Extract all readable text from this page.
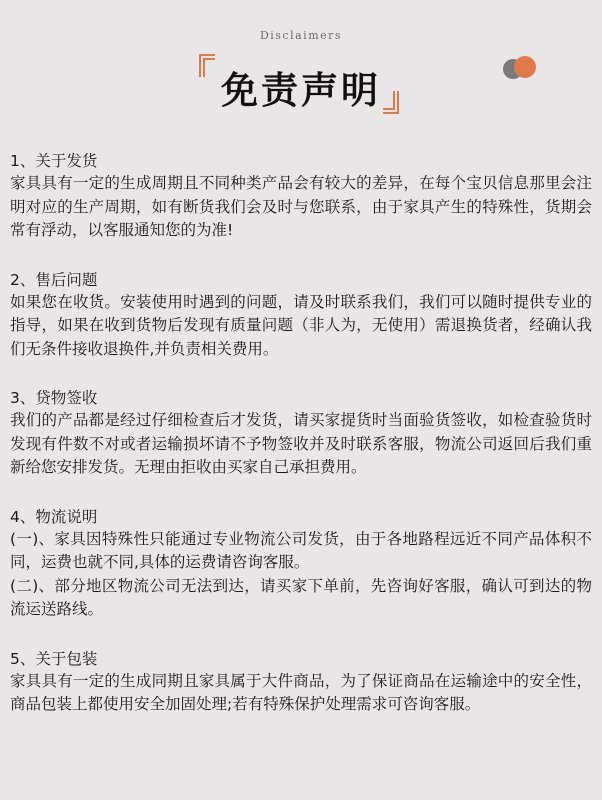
Disclaimers
免责声明
1、关于发货

家具具有一定的生成周期且不同种类产品会有较大的差异，在每个宝贝信息那里会注明对应的生产周期，如有断货我们会及时与您联系，由于家具产生的特殊性，货期会常有浮动，以客服通知您的为准!

2、售后问题

如果您在收货。安装使用时遇到的问题，请及时联系我们，我们可以随时提供专业的指导，如果在收到货物后发现有质量问题（非人为，无使用）需退换货者，经确认我们无条件接收退换件,并负责相关费用。

3、贷物签收

我们的产品都是经过仔细检查后才发货，请买家提货时当面验货签收，如检查验货时发现有件数不对或者运输损坏请不予物签收并及时联系客服，物流公司返回后我们重新给您安排发货。无理由拒收由买家自己承担费用。

4、物流说明

(一)、家具因特殊性只能通过专业物流公司发货，由于各地路程远近不同产品体积不同，运费也就不同,具体的运费请咨询客服。

(二)、部分地区物流公司无法到达，请买家下单前，先咨询好客服，确认可到达的物流运送路线。

5、关于包装

家具具有一定的生成同期且家具属于大件商品，为了保证商品在运输途中的安全性，商品包装上都使用安全加固处理;若有特殊保护处理需求可咨询客服。
